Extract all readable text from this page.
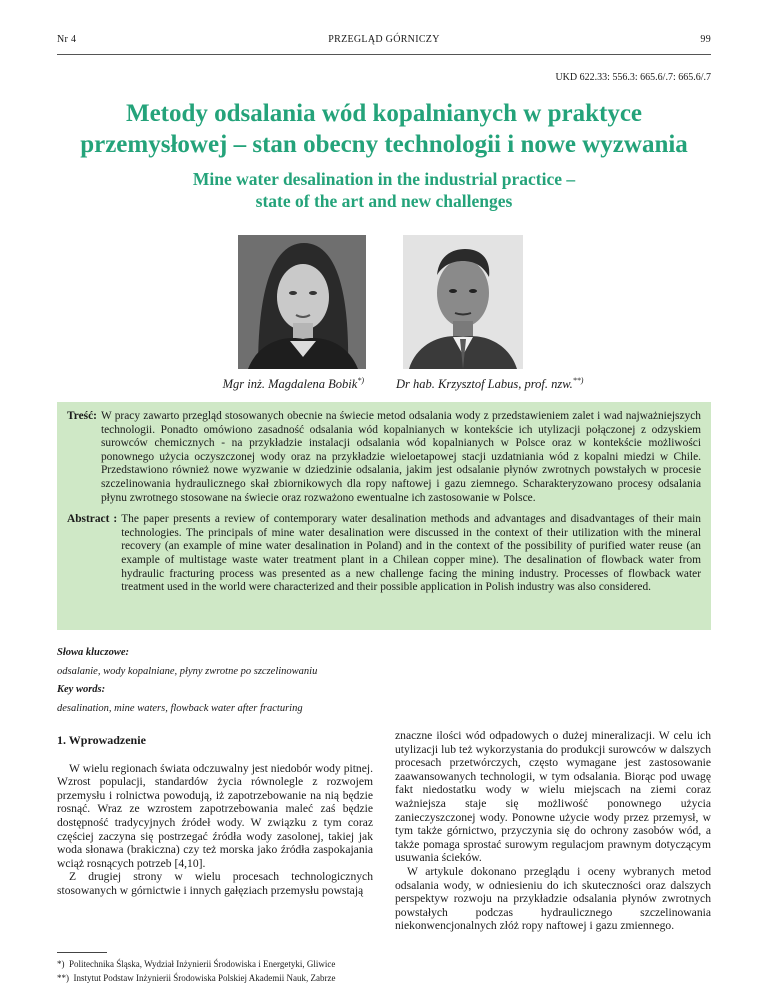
Nr 4	PRZEGLĄD GÓRNICZY	99
UKD 622.33: 556.3: 665.6/.7: 665.6/.7
Metody odsalania wód kopalnianych w praktyce
przemysłowej – stan obecny technologii i nowe wyzwania
Mine water desalination in the industrial practice –
state of the art and new challenges
Mgr inż. Magdalena Bobik*)	Dr hab. Krzysztof Labus, prof. nzw.**)
Treść: W pracy zawarto przegląd stosowanych obecnie na świecie metod odsalania wody z przedstawieniem zalet i wad najważniejszych technologii. Ponadto omówiono zasadność odsalania wód kopalnianych w kontekście ich utylizacji połączonej z odzyskiem surowców chemicznych - na przykładzie instalacji odsalania wód kopalnianych w Polsce oraz w kontekście możliwości ponownego użycia oczyszczonej wody oraz na przykładzie wieloetapowej stacji uzdatniania wód z kopalni miedzi w Chile. Przedstawiono również nowe wyzwanie w dziedzinie odsalania, jakim jest odsalanie płynów zwrotnych powstałych w procesie szczelinowania hydraulicznego skał zbiornikowych dla ropy naftowej i gazu ziemnego. Scharakteryzowano procesy odsalania płynu zwrotnego stosowane na świecie oraz rozważono ewentualne ich zastosowanie w Polsce.
Abstract : The paper presents a review of contemporary water desalination methods and advantages and disadvantages of their main technologies. The principals of mine water desalination were discussed in the context of their utilization with the mineral recovery (an example of mine water desalination in Poland) and in the context of the possibility of purified water reuse (an example of multistage waste water treatment plant in a Chilean copper mine). The desalination of flowback water from hydraulic fracturing process was presented as a new challenge facing the mining industry. Processes of flowback water treatment used in the world were characterized and their possible application in Polish industry was also considered.
Słowa kluczowe:
odsalanie, wody kopalniane, płyny zwrotne po szczelinowaniu
Key words:
desalination, mine waters, flowback water after fracturing
1. Wprowadzenie

W wielu regionach świata odczuwalny jest niedobór wody pitnej. Wzrost populacji, standardów życia równolegle z rozwojem przemysłu i rolnictwa powodują, iż zapotrzebowanie na nią będzie rosnąć. Wraz ze wzrostem zapotrzebowania maleć zaś będzie dostępność tradycyjnych źródeł wody. W związku z tym coraz częściej zaczyna się postrzegać źródła wody zasolonej, takiej jak woda słonawa (brakiczna) czy też morska jako źródła zaspokajania wciąż rosnących potrzeb [4,10].

Z drugiej strony w wielu procesach technologicznych stosowanych w górnictwie i innych gałęziach przemysłu powstają

znaczne ilości wód odpadowych o dużej mineralizacji. W celu ich utylizacji lub też wykorzystania do produkcji surowców w dalszych procesach przetwórczych, często wymagane jest zastosowanie zaawansowanych technologii, w tym odsalania. Biorąc pod uwagę fakt niedostatku wody w wielu miejscach na ziemi coraz ważniejsza staje się możliwość ponownego użycia zanieczyszczonej wody. Ponowne użycie wody przez przemysł, w tym także górnictwo, przyczynia się do ochrony zasobów wód, a także pomaga sprostać surowym regulacjom prawnym dotyczącym usuwania ścieków.

W artykule dokonano przeglądu i oceny wybranych metod odsalania wody, w odniesieniu do ich skuteczności oraz dalszych perspektyw rozwoju na przykładzie odsalania płynów zwrotnych powstałych podczas hydraulicznego szczelinowania niekonwencjonalnych złóż ropy naftowej i gazu zmiennego.

*) Politechnika Śląska, Wydział Inżynierii Środowiska i Energetyki, Gliwice
**) Instytut Podstaw Inżynierii Środowiska Polskiej Akademii Nauk, Zabrze
